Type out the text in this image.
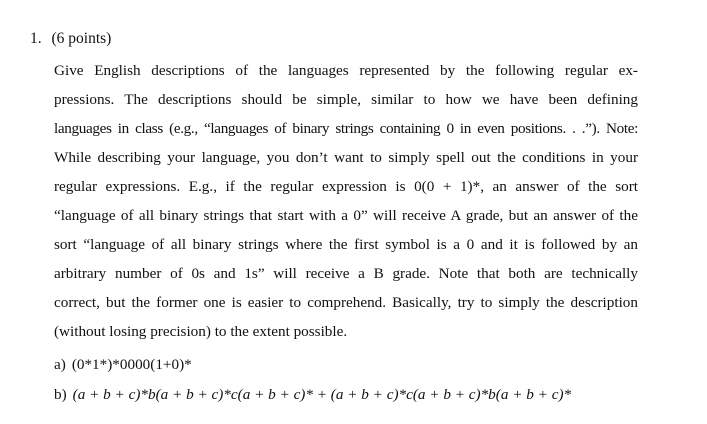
1. (6 points)
Give English descriptions of the languages represented by the following regular ex-
pressions. The descriptions should be simple, similar to how we have been defining
languages in class (e.g., “languages of binary strings containing 0 in even positions. . .”). Note:
While describing your language, you don’t want to simply spell out the conditions in your
regular expressions. E.g., if the regular expression is 0(0 + 1)*, an answer of the sort
“language of all binary strings that start with a 0” will receive A grade, but an answer of the
sort “language of all binary strings where the first symbol is a 0 and it is followed by an
arbitrary number of 0s and 1s” will receive a B grade. Note that both are technically
correct, but the former one is easier to comprehend. Basically, try to simply the description
(without losing precision) to the extent possible.
a) (0*1*)*0000(1+0)*
b) (a + b + c)*b(a + b + c)*c(a + b + c)* + (a + b + c)*c(a + b + c)*b(a + b + c)*
